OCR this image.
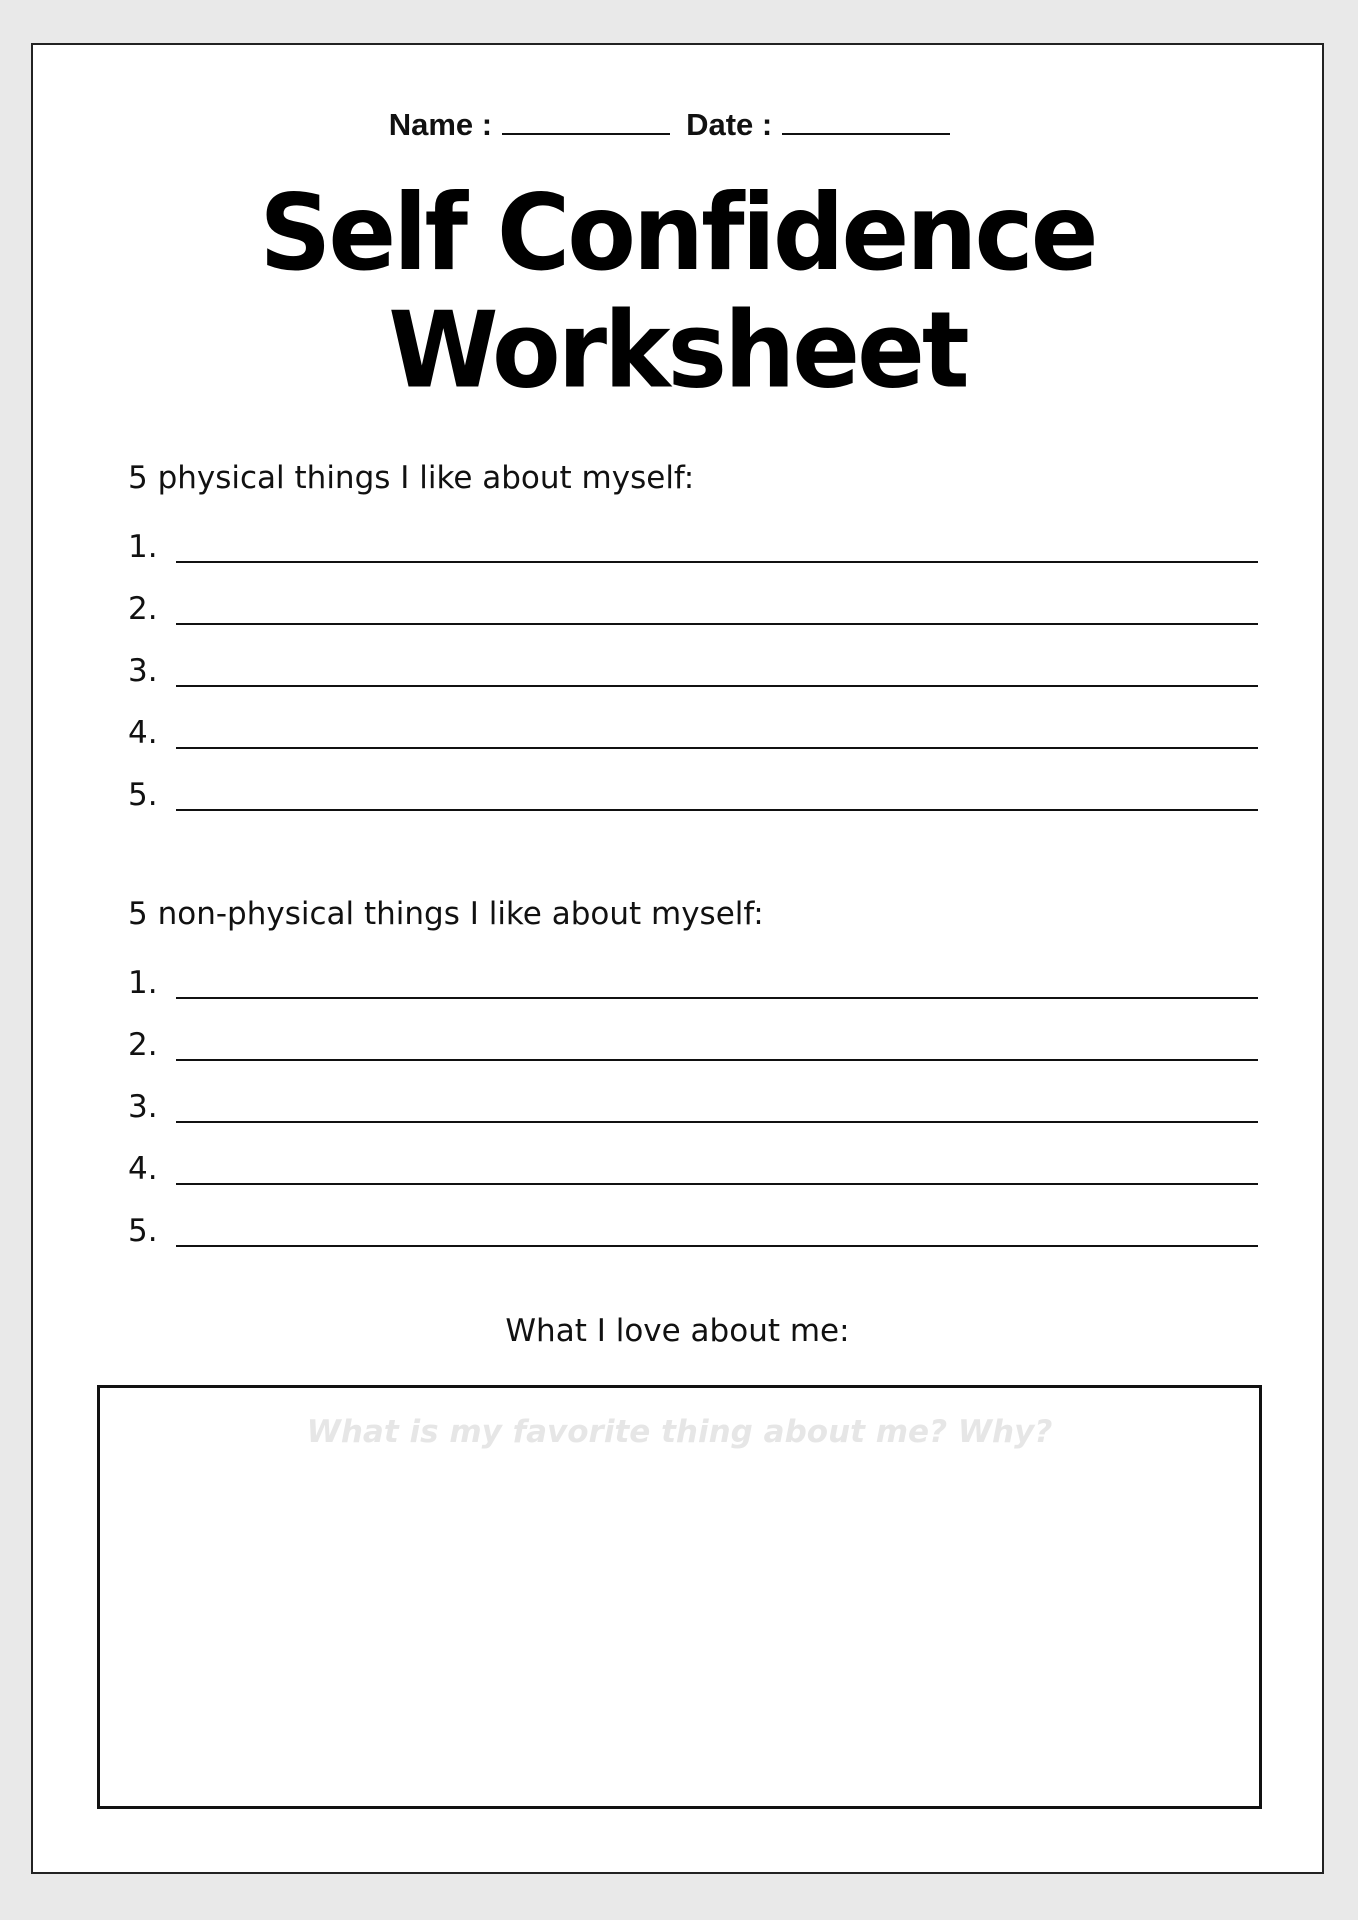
Name :	Date :
Self Confidence
Worksheet
5 physical things I like about myself:
1.
2.
3.
4.
5.
5 non-physical things I like about myself:
1.
2.
3.
4.
5.
What I love about me:
What is my favorite thing about me? Why?
